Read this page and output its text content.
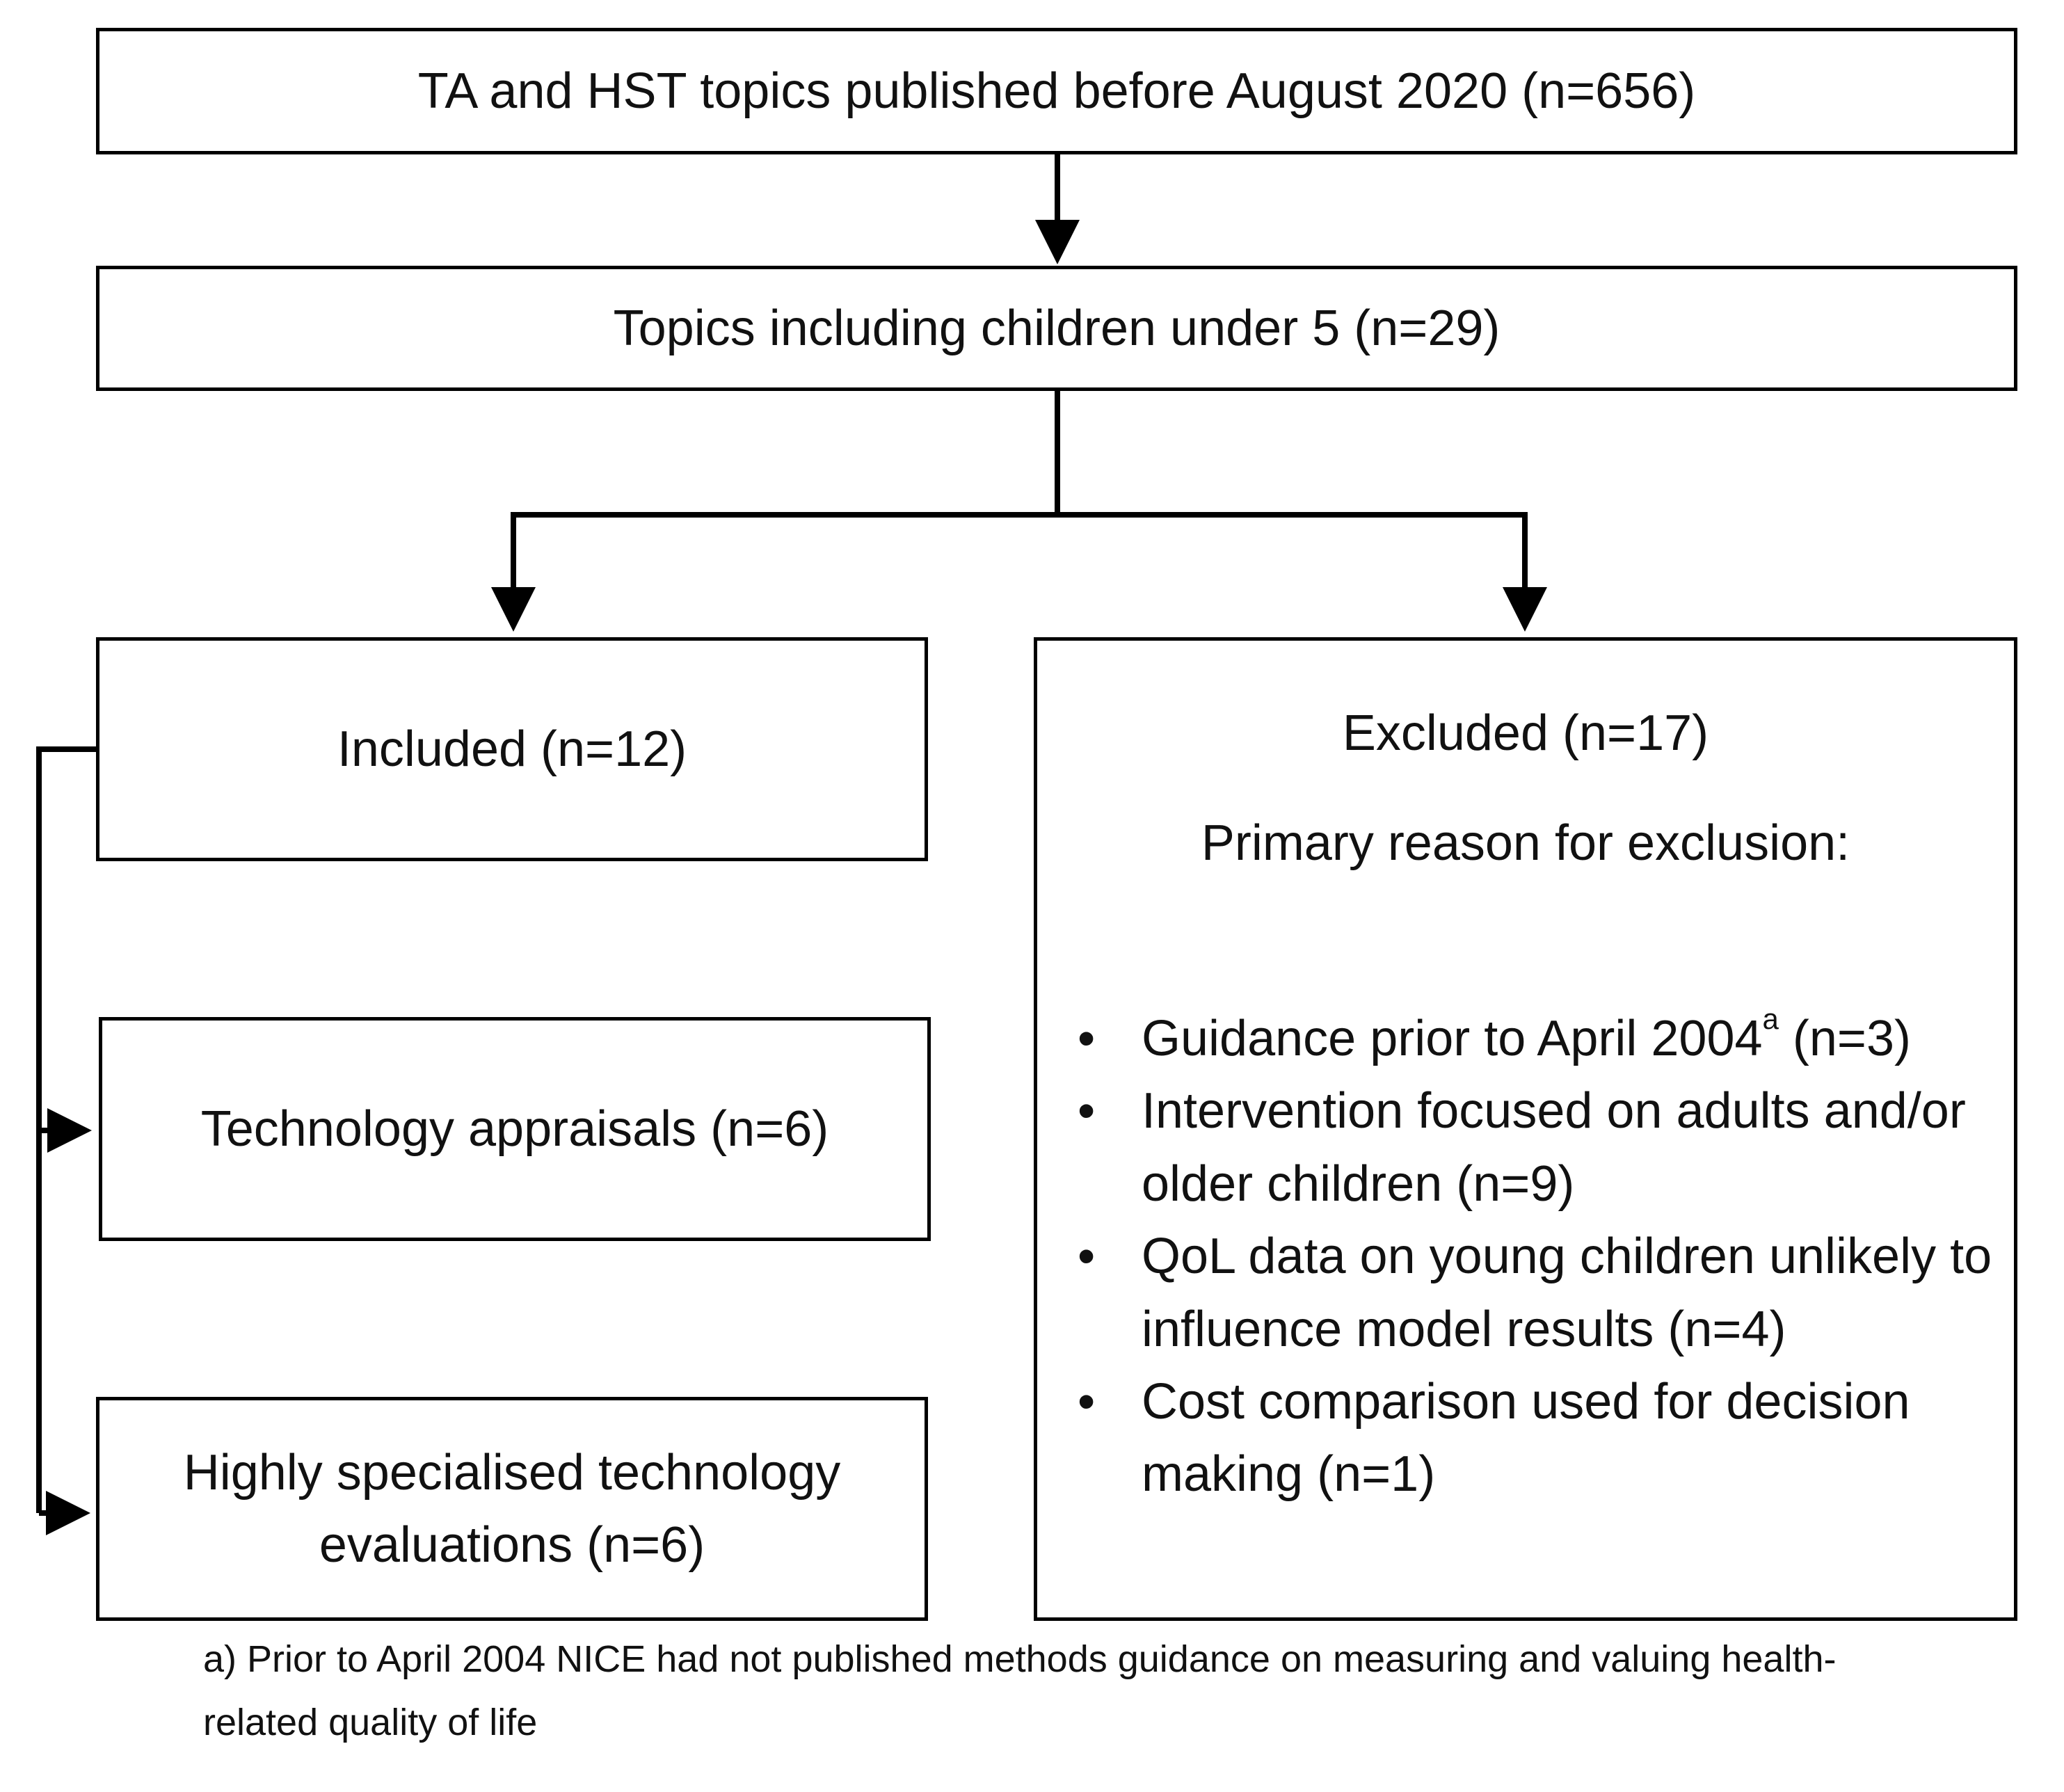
TA and HST topics published before August 2020 (n=656)
Topics including children under 5 (n=29)
Included (n=12)
Technology appraisals (n=6)
Highly specialised technology evaluations (n=6)
Excluded (n=17)
Primary reason for exclusion:
• Guidance prior to April 2004$^a$ (n=3)
• Intervention focused on adults and/or older children (n=9)
• QoL data on young children unlikely to influence model results (n=4)
• Cost comparison used for decision making (n=1)
a) Prior to April 2004 NICE had not published methods guidance on measuring and valuing health-related quality of life
